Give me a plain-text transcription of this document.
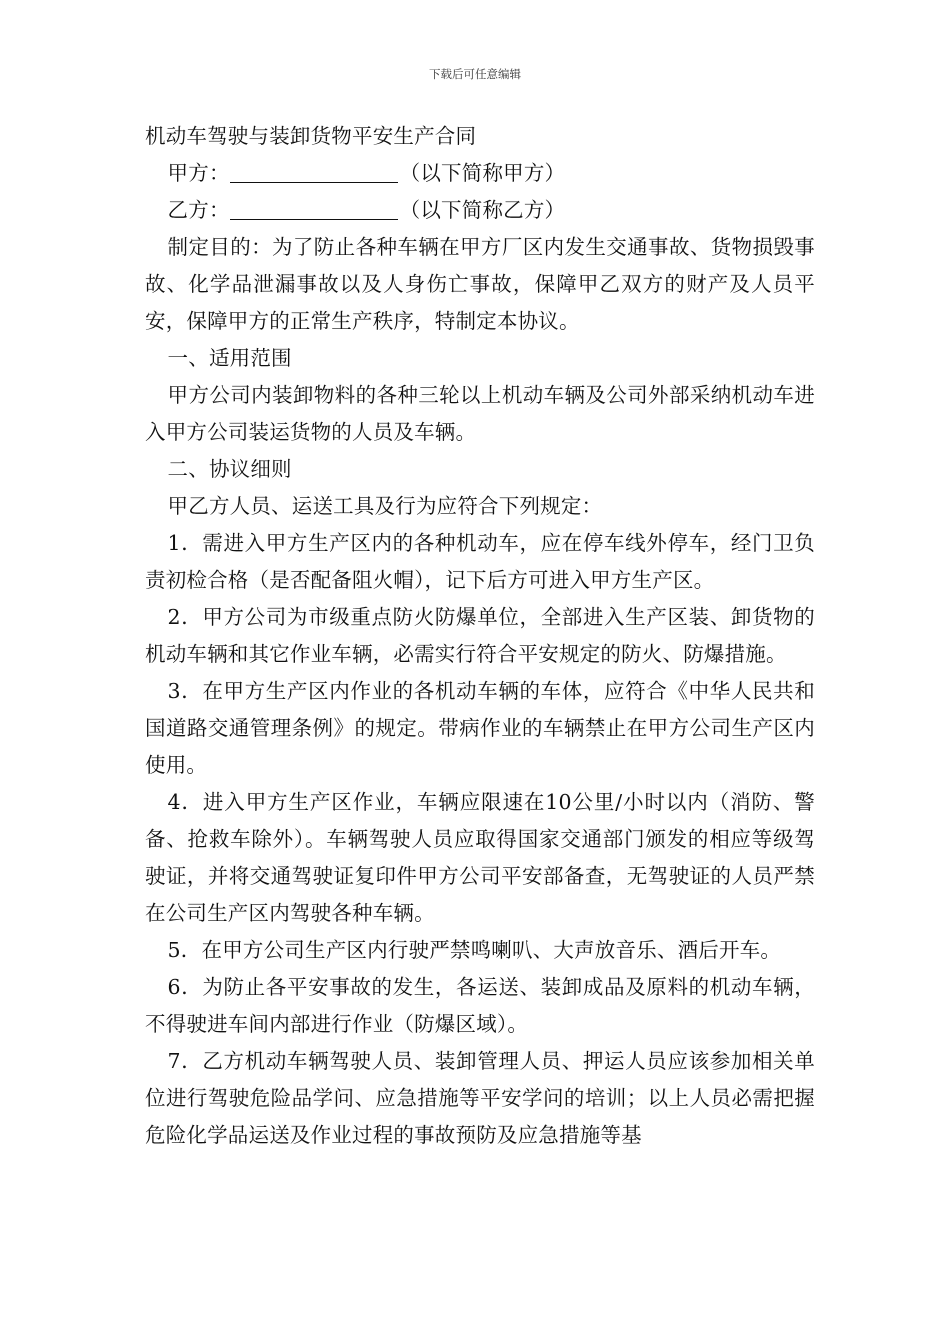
下载后可任意编辑

机动车驾驶与装卸货物平安生产合同

甲方：	（以下简称甲方）

乙方：	（以下简称乙方）

制定目的：为了防止各种车辆在甲方厂区内发生交通事故、货物损毁事故、化学品泄漏事故以及人身伤亡事故，保障甲乙双方的财产及人员平安，保障甲方的正常生产秩序，特制定本协议。

一、适用范围

甲方公司内装卸物料的各种三轮以上机动车辆及公司外部采纳机动车进入甲方公司装运货物的人员及车辆。

二、协议细则

甲乙方人员、运送工具及行为应符合下列规定：

1．需进入甲方生产区内的各种机动车，应在停车线外停车，经门卫负责初检合格（是否配备阻火帽），记下后方可进入甲方生产区。

2．甲方公司为市级重点防火防爆单位，全部进入生产区装、卸货物的机动车辆和其它作业车辆，必需实行符合平安规定的防火、防爆措施。

3．在甲方生产区内作业的各机动车辆的车体，应符合《中华人民共和国道路交通管理条例》的规定。带病作业的车辆禁止在甲方公司生产区内使用。

4．进入甲方生产区作业，车辆应限速在10公里/小时以内（消防、警备、抢救车除外）。车辆驾驶人员应取得国家交通部门颁发的相应等级驾驶证，并将交通驾驶证复印件甲方公司平安部备查，无驾驶证的人员严禁在公司生产区内驾驶各种车辆。

5．在甲方公司生产区内行驶严禁鸣喇叭、大声放音乐、酒后开车。

6．为防止各平安事故的发生，各运送、装卸成品及原料的机动车辆，不得驶进车间内部进行作业（防爆区域）。

7．乙方机动车辆驾驶人员、装卸管理人员、押运人员应该参加相关单位进行驾驶危险品学问、应急措施等平安学问的培训；以上人员必需把握危险化学品运送及作业过程的事故预防及应急措施等基
